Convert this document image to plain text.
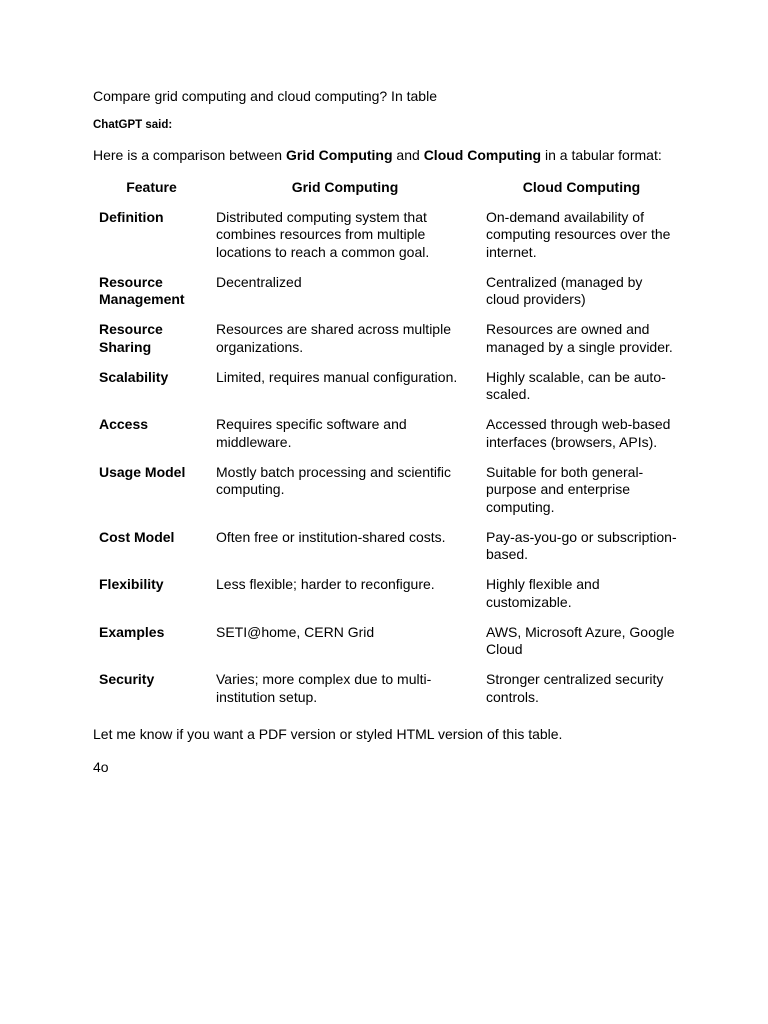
Compare grid computing and cloud computing? In table

ChatGPT said:

Here is a comparison between Grid Computing and Cloud Computing in a tabular format:

Feature	Grid Computing	Cloud Computing
Definition	Distributed computing system that combines resources from multiple locations to reach a common goal.	On-demand availability of computing resources over the internet.
Resource Management	Decentralized	Centralized (managed by cloud providers)
Resource Sharing	Resources are shared across multiple organizations.	Resources are owned and managed by a single provider.
Scalability	Limited, requires manual configuration.	Highly scalable, can be auto-scaled.
Access	Requires specific software and middleware.	Accessed through web-based interfaces (browsers, APIs).
Usage Model	Mostly batch processing and scientific computing.	Suitable for both general-purpose and enterprise computing.
Cost Model	Often free or institution-shared costs.	Pay-as-you-go or subscription-based.
Flexibility	Less flexible; harder to reconfigure.	Highly flexible and customizable.
Examples	SETI@home, CERN Grid	AWS, Microsoft Azure, Google Cloud
Security	Varies; more complex due to multi-institution setup.	Stronger centralized security controls.

Let me know if you want a PDF version or styled HTML version of this table.

4o
